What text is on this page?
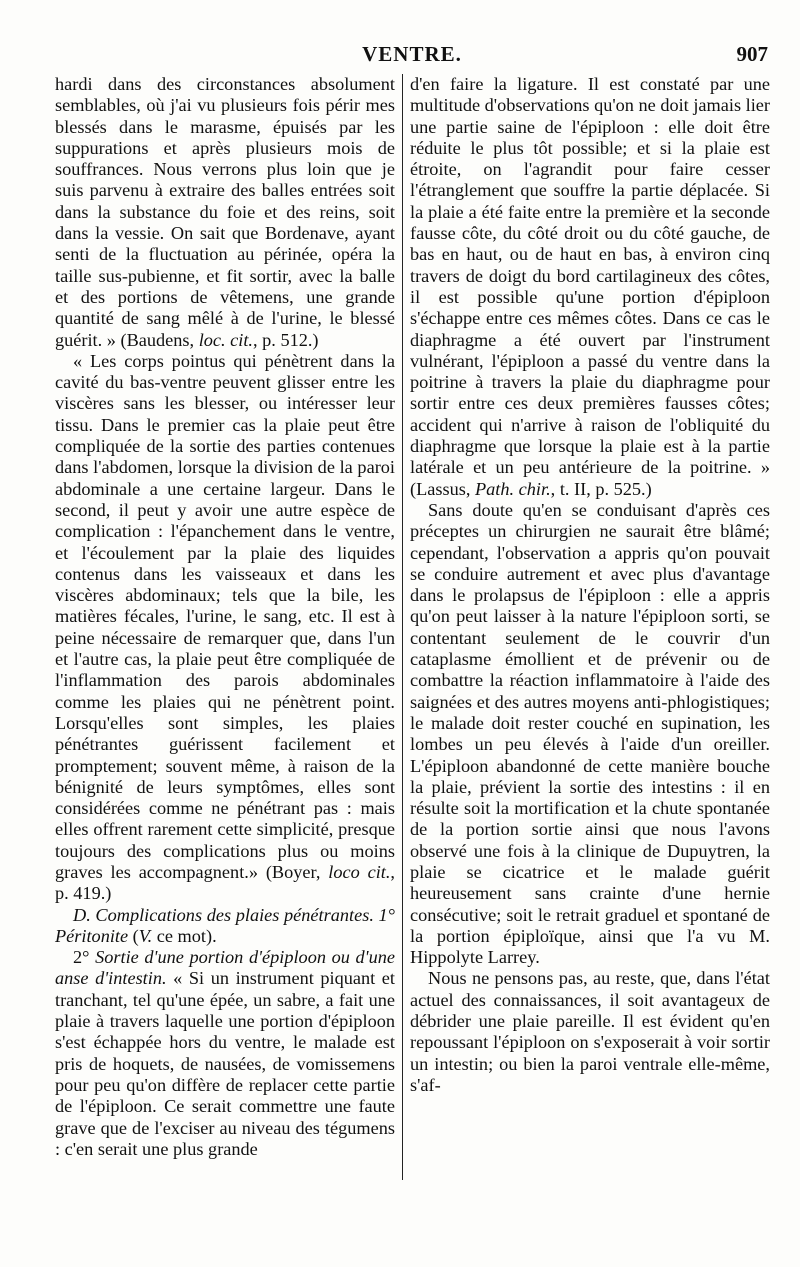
VENTRE.	907

hardi dans des circonstances absolument semblables, où j'ai vu plusieurs fois périr mes blessés dans le marasme, épuisés par les suppurations et après plusieurs mois de souffrances. Nous verrons plus loin que je suis parvenu à extraire des balles entrées soit dans la substance du foie et des reins, soit dans la vessie. On sait que Bordenave, ayant senti de la fluctuation au périnée, opéra la taille sus-pubienne, et fit sortir, avec la balle et des portions de vêtemens, une grande quantité de sang mêlé à de l'urine, le blessé guérit. » (Baudens, loc. cit., p. 512.)

« Les corps pointus qui pénètrent dans la cavité du bas-ventre peuvent glisser entre les viscères sans les blesser, ou intéresser leur tissu. Dans le premier cas la plaie peut être compliquée de la sortie des parties contenues dans l'abdomen, lorsque la division de la paroi abdominale a une certaine largeur. Dans le second, il peut y avoir une autre espèce de complication : l'épanchement dans le ventre, et l'écoulement par la plaie des liquides contenus dans les vaisseaux et dans les viscères abdominaux; tels que la bile, les matières fécales, l'urine, le sang, etc. Il est à peine nécessaire de remarquer que, dans l'un et l'autre cas, la plaie peut être compliquée de l'inflammation des parois abdominales comme les plaies qui ne pénètrent point. Lorsqu'elles sont simples, les plaies pénétrantes guérissent facilement et promptement; souvent même, à raison de la bénignité de leurs symptômes, elles sont considérées comme ne pénétrant pas : mais elles offrent rarement cette simplicité, presque toujours des complications plus ou moins graves les accompagnent.» (Boyer, loco cit., p. 419.)

D. Complications des plaies pénétrantes. 1° Péritonite (V. ce mot).

2° Sortie d'une portion d'épiploon ou d'une anse d'intestin. « Si un instrument piquant et tranchant, tel qu'une épée, un sabre, a fait une plaie à travers laquelle une portion d'épiploon s'est échappée hors du ventre, le malade est pris de hoquets, de nausées, de vomissemens pour peu qu'on diffère de replacer cette partie de l'épiploon. Ce serait commettre une faute grave que de l'exciser au niveau des tégumens : c'en serait une plus grande

d'en faire la ligature. Il est constaté par une multitude d'observations qu'on ne doit jamais lier une partie saine de l'épiploon : elle doit être réduite le plus tôt possible; et si la plaie est étroite, on l'agrandit pour faire cesser l'étranglement que souffre la partie déplacée. Si la plaie a été faite entre la première et la seconde fausse côte, du côté droit ou du côté gauche, de bas en haut, ou de haut en bas, à environ cinq travers de doigt du bord cartilagineux des côtes, il est possible qu'une portion d'épiploon s'échappe entre ces mêmes côtes. Dans ce cas le diaphragme a été ouvert par l'instrument vulnérant, l'épiploon a passé du ventre dans la poitrine à travers la plaie du diaphragme pour sortir entre ces deux premières fausses côtes; accident qui n'arrive à raison de l'obliquité du diaphragme que lorsque la plaie est à la partie latérale et un peu antérieure de la poitrine. » (Lassus, Path. chir., t. II, p. 525.)

Sans doute qu'en se conduisant d'après ces préceptes un chirurgien ne saurait être blâmé; cependant, l'observation a appris qu'on pouvait se conduire autrement et avec plus d'avantage dans le prolapsus de l'épiploon : elle a appris qu'on peut laisser à la nature l'épiploon sorti, se contentant seulement de le couvrir d'un cataplasme émollient et de prévenir ou de combattre la réaction inflammatoire à l'aide des saignées et des autres moyens anti-phlogistiques; le malade doit rester couché en supination, les lombes un peu élevés à l'aide d'un oreiller. L'épiploon abandonné de cette manière bouche la plaie, prévient la sortie des intestins : il en résulte soit la mortification et la chute spontanée de la portion sortie ainsi que nous l'avons observé une fois à la clinique de Dupuytren, la plaie se cicatrice et le malade guérit heureusement sans crainte d'une hernie consécutive; soit le retrait graduel et spontané de la portion épiploïque, ainsi que l'a vu M. Hippolyte Larrey.

Nous ne pensons pas, au reste, que, dans l'état actuel des connaissances, il soit avantageux de débrider une plaie pareille. Il est évident qu'en repoussant l'épiploon on s'exposerait à voir sortir un intestin; ou bien la paroi ventrale elle-même, s'af-
